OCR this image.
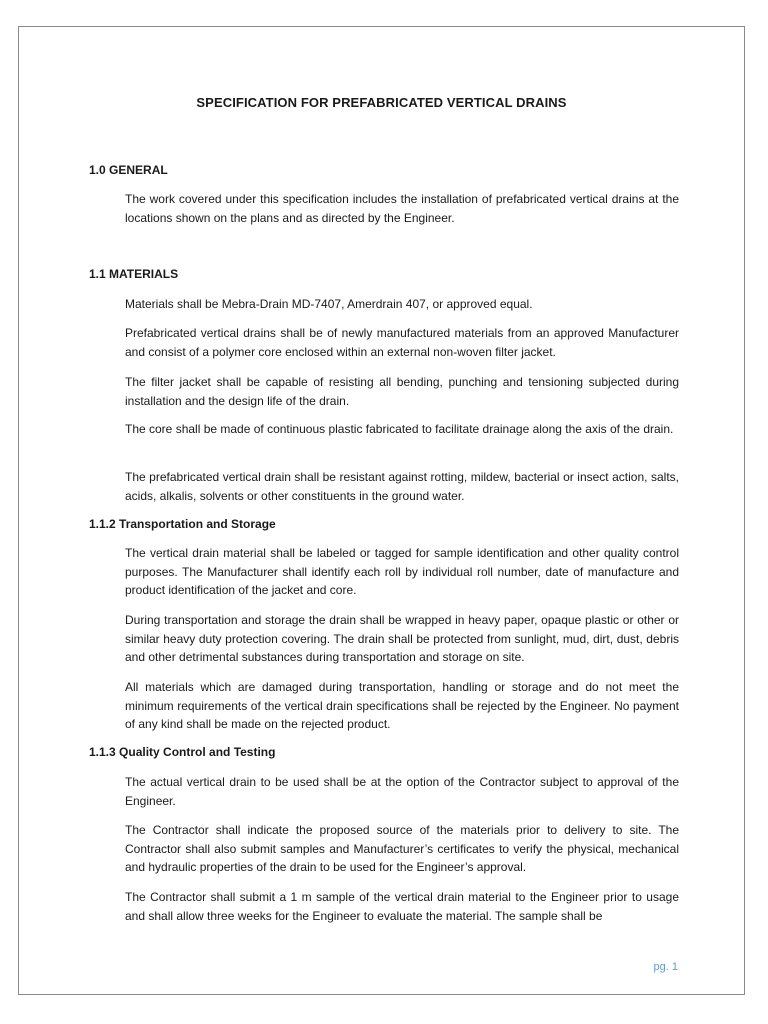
SPECIFICATION FOR PREFABRICATED VERTICAL DRAINS
1.0 GENERAL
The work covered under this specification includes the installation of prefabricated vertical drains at the locations shown on the plans and as directed by the Engineer.
1.1 MATERIALS
Materials shall be Mebra-Drain MD-7407, Amerdrain 407, or approved equal.
Prefabricated vertical drains shall be of newly manufactured materials from an approved Manufacturer and consist of a polymer core enclosed within an external non-woven filter jacket.
The filter jacket shall be capable of resisting all bending, punching and tensioning subjected during installation and the design life of the drain.
The core shall be made of continuous plastic fabricated to facilitate drainage along the axis of the drain.
The prefabricated vertical drain shall be resistant against rotting, mildew, bacterial or insect action, salts, acids, alkalis, solvents or other constituents in the ground water.
1.1.2 Transportation and Storage
The vertical drain material shall be labeled or tagged for sample identification and other quality control purposes. The Manufacturer shall identify each roll by individual roll number, date of manufacture and product identification of the jacket and core.
During transportation and storage the drain shall be wrapped in heavy paper, opaque plastic or other or similar heavy duty protection covering. The drain shall be protected from sunlight, mud, dirt, dust, debris and other detrimental substances during transportation and storage on site.
All materials which are damaged during transportation, handling or storage and do not meet the minimum requirements of the vertical drain specifications shall be rejected by the Engineer. No payment of any kind shall be made on the rejected product.
1.1.3 Quality Control and Testing
The actual vertical drain to be used shall be at the option of the Contractor subject to approval of the Engineer.
The Contractor shall indicate the proposed source of the materials prior to delivery to site. The Contractor shall also submit samples and Manufacturer’s certificates to verify the physical, mechanical and hydraulic properties of the drain to be used for the Engineer’s approval.
The Contractor shall submit a 1 m sample of the vertical drain material to the Engineer prior to usage and shall allow three weeks for the Engineer to evaluate the material. The sample shall be
pg. 1
